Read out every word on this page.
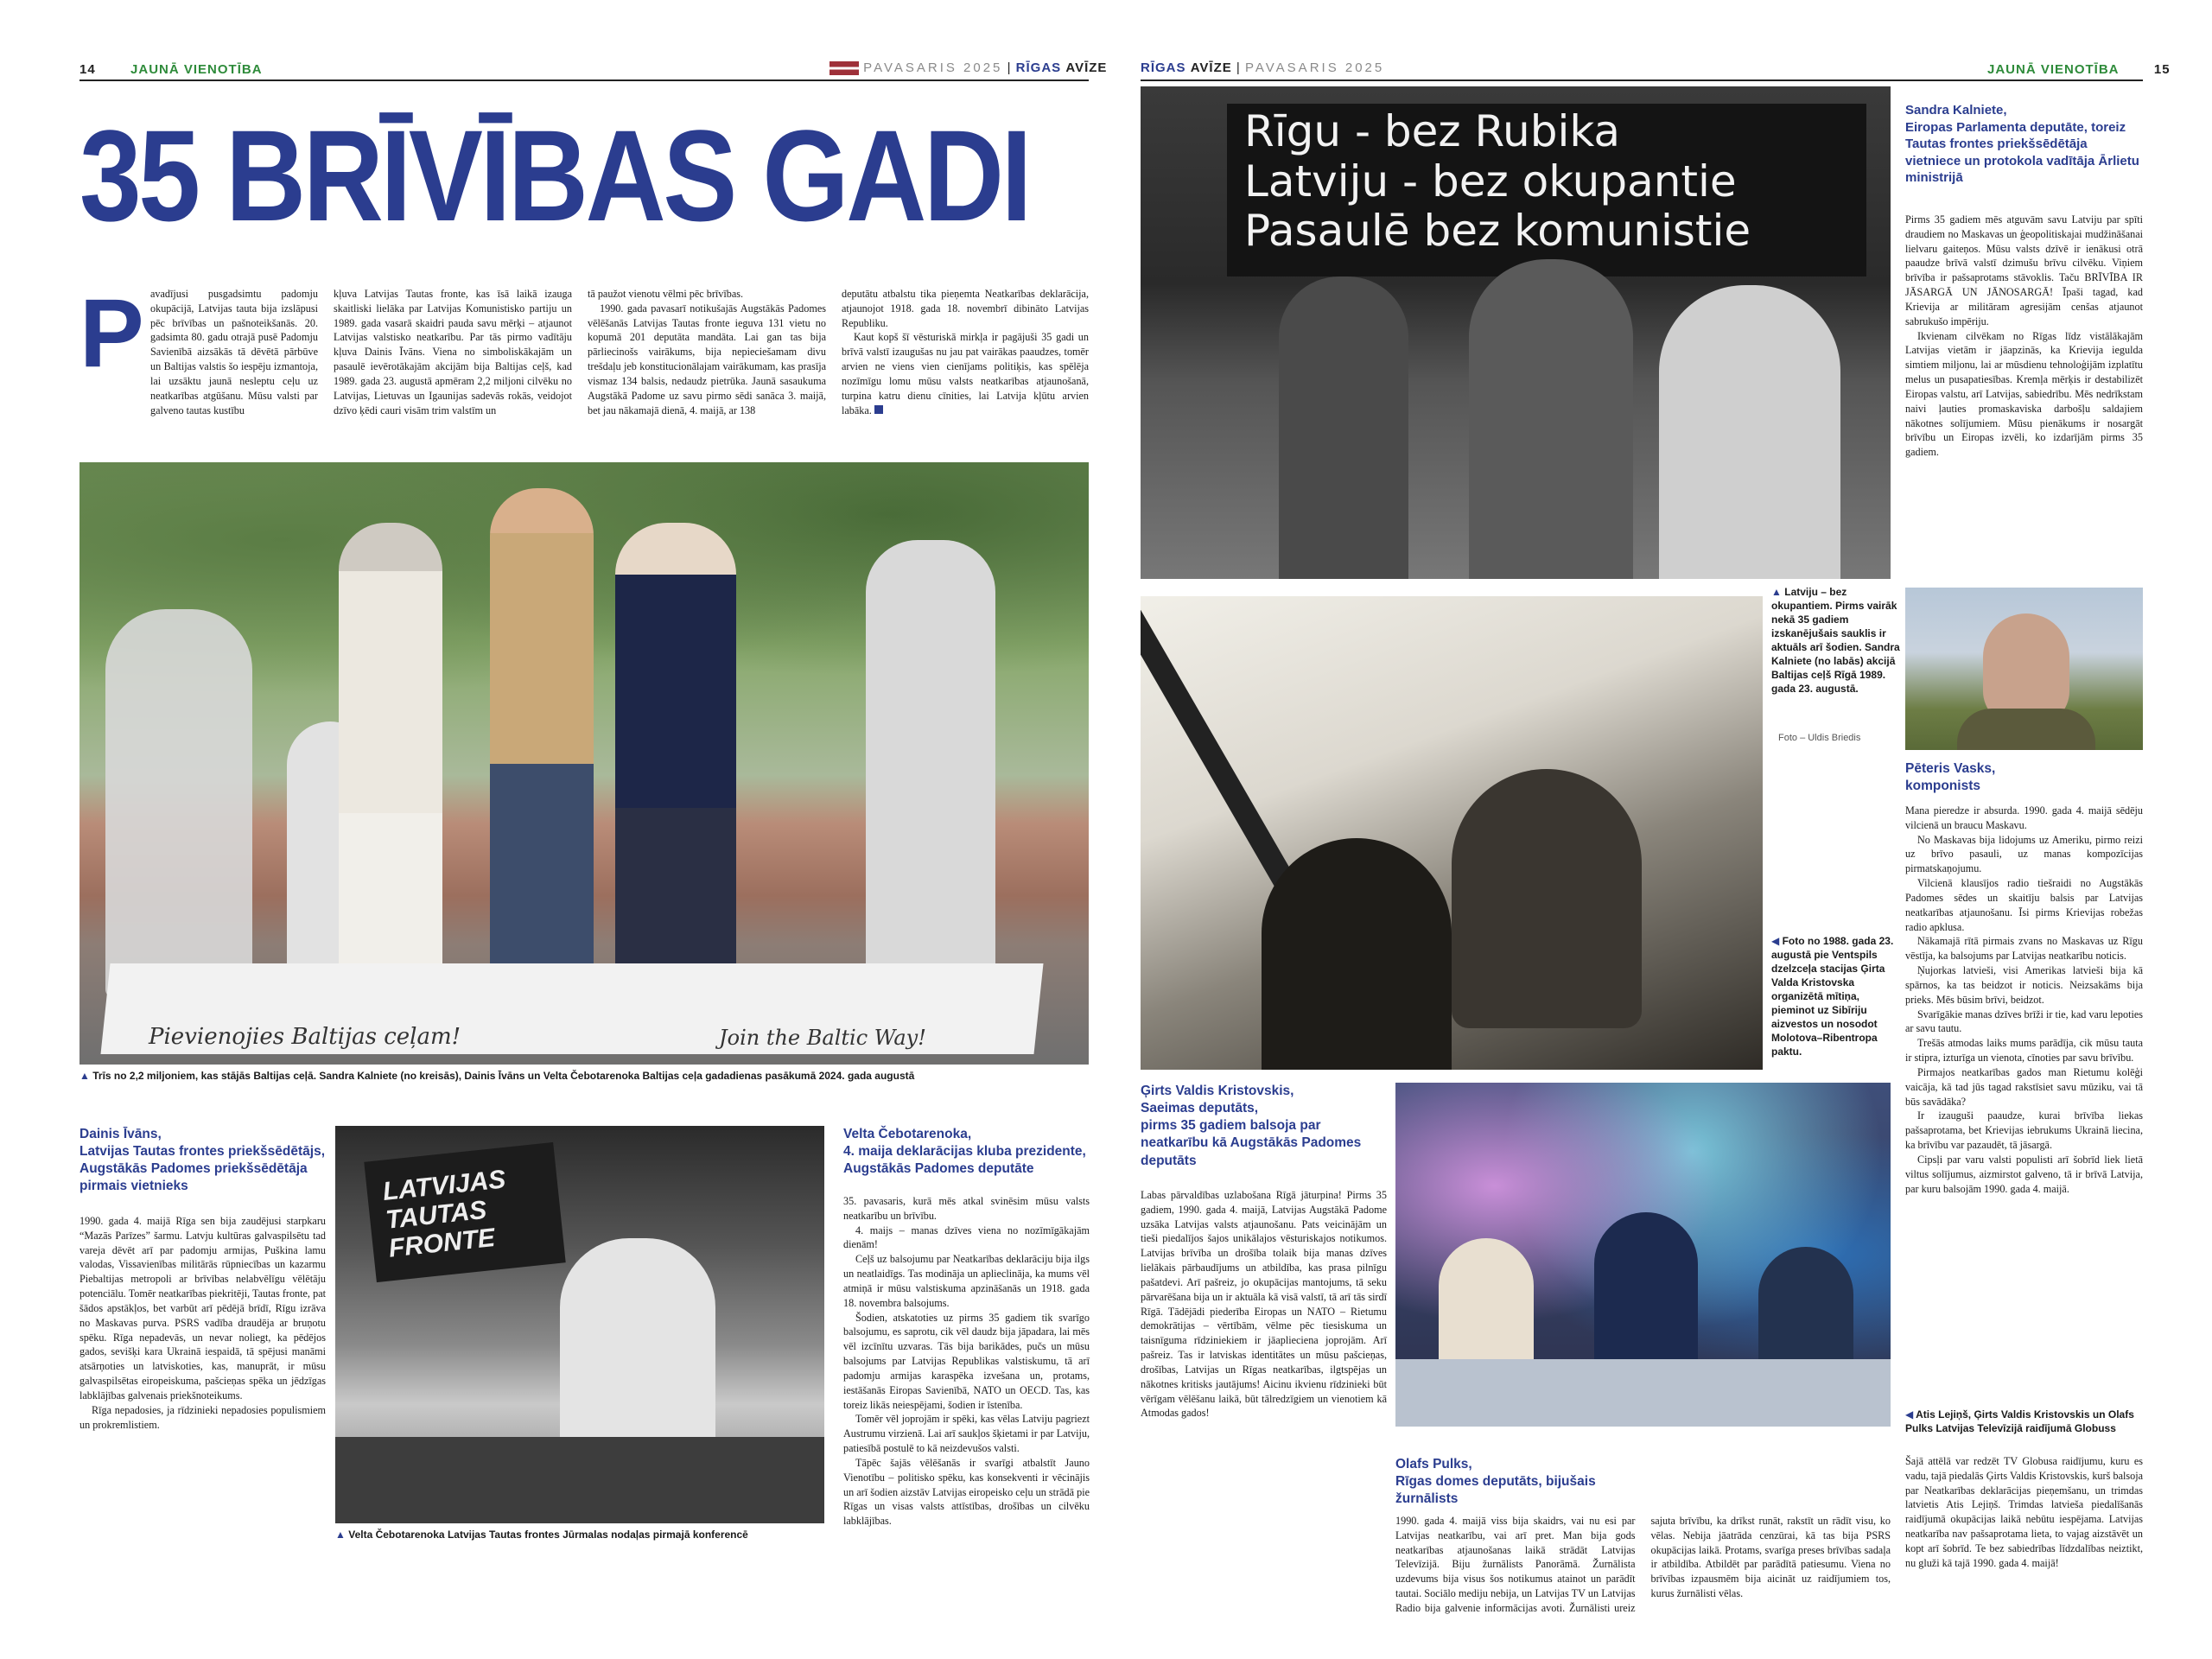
14	JAUNĀ VIENOTĪBA	PAVASARIS 2025 | RĪGAS AVĪZE
35 BRĪVĪBAS GADI
P avadījusi pusgadsimtu padomju okupācijā, Latvijas tauta bija izslāpusi pēc brīvības un pašnoteikšanās. 20. gadsimta 80. gadu otrajā pusē Padomju Savienībā aizsākās tā dēvētā pārbūve un Baltijas valstis šo iespēju izmantoja, lai uzsāktu jaunā nesleptu ceļu uz neatkarības atgūšanu. Mūsu valsti par galveno tautas kustību
kļuva Latvijas Tautas fronte, kas īsā laikā izauga skaitliski lielāka par Latvijas Komunistisko partiju un 1989. gada vasarā skaidri pauda savu mērķi – atjaunot Latvijas valstisko neatkarību. Par tās pirmo vadītāju kļuva Dainis Īvāns. Viena no simboliskākajām un pasaulē ievērotākajām akcijām bija Baltijas ceļš, kad 1989. gada 23. augustā apmēram 2,2 miljoni cilvēku no Latvijas, Lietuvas un Igaunijas sadevās rokās, veidojot dzīvo ķēdi cauri visām trim valstīm un

tā paužot vienotu vēlmi pēc brīvības.

1990. gada pavasarī notikušajās Augstākās Padomes vēlēšanās Latvijas Tautas fronte ieguva 131 vietu no kopumā 201 deputāta mandāta. Lai gan tas bija pārliecinošs vairākums, bija nepieciešamam divu trešdaļu jeb konstitucionālajam vairākumam, kas prasīja vismaz 134 balsis, nedaudz pietrūka. Jaunā sasaukuma Augstākā Padome uz savu pirmo sēdi sanāca 3. maijā, bet jau nākamajā dienā, 4. maijā, ar 138

deputātu atbalstu tika pieņemta Neatkarības deklarācija, atjaunojot 1918. gada 18. novembrī dibināto Latvijas Republiku.

Kaut kopš šī vēsturiskā mirkļa ir pagājuši 35 gadi un brīvā valstī izaugušas nu jau pat vairākas paaudzes, tomēr arvien ne viens vien cienījams politiķis, kas spēlēja nozīmīgu lomu mūsu valsts neatkarības atjaunošanā, turpina katru dienu cīnities, lai Latvija kļūtu arvien labāka.

Pievienojies Baltijas ceļam!	Join the Baltic Way!
▲ Trīs no 2,2 miljoniem, kas stājās Baltijas ceļā. Sandra Kalniete (no kreisās), Dainis Īvāns un Velta Čebotarenoka Baltijas ceļa gadadienas pasākumā 2024. gada augustā
Dainis Īvāns,
Latvijas Tautas frontes priekšsēdētājs, Augstākās Padomes priekšsēdētāja pirmais vietnieks

1990. gada 4. maijā Rīga sen bija zaudējusi starpkaru “Mazās Parīzes” šarmu. Latvju kultūras galvaspilsētu tad vareja dēvēt arī par padomju armijas, Puškina lamu valodas, Vissavienības militārās rūpniecības un kazarmu Piebaltijas metropoli ar brīvības nelabvēlīgu vēlētāju potenciālu. Tomēr neatkarības piekritēji, Tautas fronte, pat šādos apstākļos, bet varbūt arī pēdējā brīdī, Rīgu izrāva no Maskavas purva. PSRS vadība draudēja ar bruņotu spēku. Rīga nepadevās, un nevar noliegt, ka pēdējos gados, sevišķi kara Ukrainā iespaidā, tā spējusi manāmi atsārņoties un latviskoties, kas, manuprāt, ir mūsu galvaspilsētas eiropeiskuma, pašcieņas spēka un jēdzīgas labklājības galvenais priekšnoteikums.

Rīga nepadosies, ja rīdzinieki nepadosies populismiem un prokremlistiem.

LATVIJAS TAUTAS FRONTE
▲ Velta Čebotarenoka Latvijas Tautas frontes Jūrmalas nodaļas pirmajā konferencē
Velta Čebotarenoka,
4. maija deklarācijas kluba prezidente, Augstākās Padomes deputāte

35. pavasaris, kurā mēs atkal svinēsim mūsu valsts neatkarību un brīvību.

4. maijs – manas dzīves viena no nozīmīgākajām dienām!

Ceļš uz balsojumu par Neatkarības deklarāciju bija ilgs un neatlaidīgs. Tas modināja un aplieclināja, ka mums vēl atmiņā ir mūsu valstiskuma apzināšanās un 1918. gada 18. novembra balsojums.

Šodien, atskatoties uz pirms 35 gadiem tik svarīgo balsojumu, es saprotu, cik vēl daudz bija jāpadara, lai mēs vēl izcīnītu uzvaras. Tās bija barikādes, pučs un mūsu balsojums par Latvijas Republikas valstiskumu, tā arī padomju armijas karaspēka izvešana un, protams, iestāšanās Eiropas Savienībā, NATO un OECD. Tas, kas toreiz likās neiespējami, šodien ir īstenība.

Tomēr vēl joprojām ir spēki, kas vēlas Latviju pagriezt Austrumu virzienā. Lai arī saukļos šķietami ir par Latviju, patiesībā postulē to kā neizdevušos valsti.

Tāpēc šajās vēlēšanās ir svarīgi atbalstīt Jauno Vienotību – politisko spēku, kas konsekventi ir vēcinājis un arī šodien aizstāv Latvijas eiropeisko ceļu un strādā pie Rīgas un visas valsts attīstības, drošības un cilvēku labklājības.

RĪGAS AVĪZE | PAVASARIS 2025	JAUNĀ VIENOTĪBA	15
Rīgu - bez Rubika
Latviju - bez okupantie
Pasaulē bez komunistie
Sandra Kalniete,
Eiropas Parlamenta deputāte, toreiz Tautas frontes priekšsēdētāja vietniece un protokola vadītāja Ārlietu ministrijā

Pirms 35 gadiem mēs atguvām savu Latviju par spīti draudiem no Maskavas un ģeopolitiskajai mudžināšanai lielvaru gaiteņos. Mūsu valsts dzīvē ir ienākusi otrā paaudze brīvā valstī dzimušu brīvu cilvēku. Viņiem brīvība ir pašsaprotams stāvoklis. Taču BRĪVĪBA IR JĀSARGĀ UN JĀNOSARGĀ! Īpaši tagad, kad Krievija ar militāram agresijām cenšas atjaunot sabrukušo impēriju.

Ikvienam cilvēkam no Rīgas līdz vistālākajām Latvijas vietām ir jāapzinās, ka Krievija iegulda simtiem miljonu, lai ar mūsdienu tehnoloģijām izplatītu melus un pusapatiesības. Kremļa mērķis ir destabilizēt Eiropas valstu, arī Latvijas, sabiedrību. Mēs nedrīkstam naivi ļauties promaskaviska darbošļu saldajiem nākotnes solījumiem. Mūsu pienākums ir nosargāt brīvību un Eiropas izvēli, ko izdarījām pirms 35 gadiem.

▲ Latviju – bez okupantiem. Pirms vairāk nekā 35 gadiem izskanējušais sauklis ir aktuāls arī šodien. Sandra Kalniete (no labās) akcijā Baltijas ceļš Rīgā 1989. gada 23. augustā.
Foto – Uldis Briedis
Pēteris Vasks,
komponists

Mana pieredze ir absurda. 1990. gada 4. maijā sēdēju vilcienā un braucu Maskavu.

No Maskavas bija lidojums uz Ameriku, pirmo reizi uz brīvo pasauli, uz manas kompozīcijas pirmatskaņojumu.

Vilcienā klausījos radio tiešraidi no Augstākās Padomes sēdes un skaitīju balsis par Latvijas neatkarības atjaunošanu. Īsi pirms Krievijas robežas radio apklusa.

Nākamajā rītā pirmais zvans no Maskavas uz Rīgu vēstīja, ka balsojums par Latvijas neatkarību noticis.

Ņujorkas latvieši, visi Amerikas latvieši bija kā spārnos, ka tas beidzot ir noticis. Neizsakāms bija prieks. Mēs būsim brīvi, beidzot.

Svarīgākie manas dzīves brīži ir tie, kad varu lepoties ar savu tautu.

Trešās atmodas laiks mums parādīja, cik mūsu tauta ir stipra, izturīga un vienota, cīnoties par savu brīvību.

Pirmajos neatkarības gados man Rietumu kolēģi vaicāja, kā tad jūs tagad rakstīsiet savu mūziku, vai tā būs savādāka?

Ir izauguši paaudze, kurai brīvība liekas pašsaprotama, bet Krievijas iebrukums Ukrainā liecina, ka brīvību var pazaudēt, tā jāsargā.

Cipsļi par varu valsti populisti arī šobrīd liek lietā viltus solījumus, aizmirstot galveno, tā ir brīvā Latvija, par kuru balsojām 1990. gada 4. maijā.

◀ Foto no 1988. gada 23. augustā pie Ventspils dzelzceļa stacijas Ģirta Valda Kristovska organizētā mītiņa, pieminot uz Sibīriju aizvestos un nosodot Molotova–Ribentropa paktu.
Ģirts Valdis Kristovskis,
Saeimas deputāts,
pirms 35 gadiem balsoja par neatkarību kā Augstākās Padomes deputāts

Labas pārvaldības uzlabošana Rīgā jāturpina! Pirms 35 gadiem, 1990. gada 4. maijā, Latvijas Augstākā Padome uzsāka Latvijas valsts atjaunošanu. Pats veicinājām un tieši piedalījos šajos unikālajos vēsturiskajos notikumos. Latvijas brīvība un drošība tolaik bija manas dzīves lielākais pārbaudījums un atbildība, kas prasa pilnīgu pašatdevi. Arī pašreiz, jo okupācijas mantojums, tā seku pārvarēšana bija un ir aktuāla kā visā valstī, tā arī tās sirdī Rīgā. Tādējādi piederība Eiropas un NATO – Rietumu demokrātijas – vērtībām, vēlme pēc tiesiskuma un taisnīguma rīdziniekiem ir jāaplieciena joprojām. Arī pašreiz. Tas ir latviskas identitātes un mūsu pašcieņas, drošības, Latvijas un Rīgas neatkarības, ilgtspējas un nākotnes kritisks jautājums! Aicinu ikvienu rīdzinieki būt vērīgam vēlēšanu laikā, būt tālredzīgiem un vienotiem kā Atmodas gados!	◀ Atis Lejiņš, Ģirts Valdis Kristovskis un Olafs Pulks Latvijas Televīzijā raidījumā Globuss

Šajā attēlā var redzēt TV Globusa raidījumu, kuru es vadu, tajā piedalās Ģirts Valdis Kristovskis, kurš balsoja par Neatkarības deklarācijas pieņemšanu, un trimdas latvietis Atis Lejiņš. Trimdas latvieša piedalīšanās raidījumā okupācijas laikā nebūtu iespējama. Latvijas neatkarība nav pašsaprotama lieta, to vajag aizstāvēt un kopt arī šobrīd. Te bez sabiedrības līdzdalības neiztikt, nu gluži kā tajā 1990. gada 4. maijā!

Olafs Pulks,
Rīgas domes deputāts, bijušais žurnālists

1990. gada 4. maijā viss bija skaidrs, vai nu esi par Latvijas neatkarību, vai arī pret. Man bija gods neatkarības atjaunošanas laikā strādāt Latvijas Televīzijā. Biju žurnālists Panorāmā. Žurnālista uzdevums bija visus šos notikumus atainot un parādīt tautai. Sociālo mediju nebija, un Latvijas TV un Latvijas Radio bija galvenie informācijas avoti. Žurnālisti ureiz sajuta brīvību, ka drīkst runāt, rakstīt un rādīt visu, ko vēlas. Nebija jāatrāda cenzūrai, kā tas bija PSRS okupācijas laikā. Protams, svarīga preses brīvības sadaļa ir atbildība. Atbildēt par parādītā patiesumu. Viena no brīvības izpausmēm bija aicināt uz raidījumiem tos, kurus žurnālisti vēlas.
